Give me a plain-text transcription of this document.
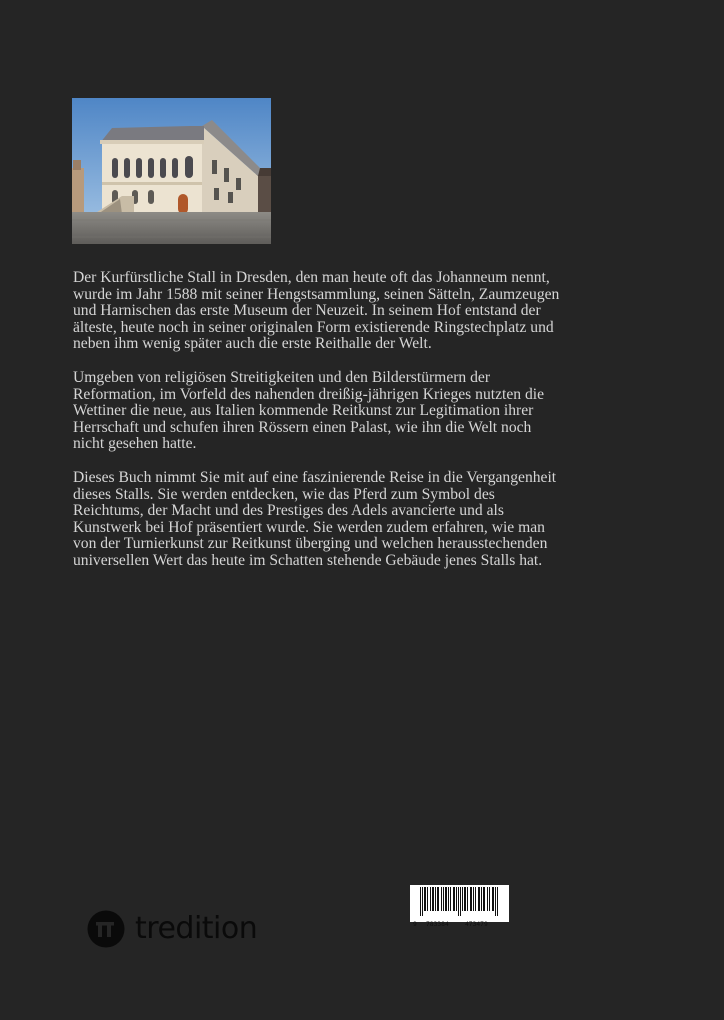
Der Kurfürstliche Stall in Dresden, den man heute oft das Johanneum nennt,
wurde im Jahr 1588 mit seiner Hengstsammlung, seinen Sätteln, Zaumzeugen
und Harnischen das erste Museum der Neuzeit. In seinem Hof entstand der
älteste, heute noch in seiner originalen Form existierende Ringstechplatz und
neben ihm wenig später auch die erste Reithalle der Welt.

Umgeben von religiösen Streitigkeiten und den Bilderstürmern der
Reformation, im Vorfeld des nahenden dreißig-jährigen Krieges nutzten die
Wettiner die neue, aus Italien kommende Reitkunst zur Legitimation ihrer
Herrschaft und schufen ihren Rössern einen Palast, wie ihn die Welt noch
nicht gesehen hatte.

Dieses Buch nimmt Sie mit auf eine faszinierende Reise in die Vergangenheit
dieses Stalls. Sie werden entdecken, wie das Pferd zum Symbol des
Reichtums, der Macht und des Prestiges des Adels avancierte und als
Kunstwerk bei Hof präsentiert wurde. Sie werden zudem erfahren, wie man
von der Turnierkunst zur Reitkunst überging und welchen herausstechenden
universellen Wert das heute im Schatten stehende Gebäude jenes Stalls hat.

9 783384	473479
tredition
